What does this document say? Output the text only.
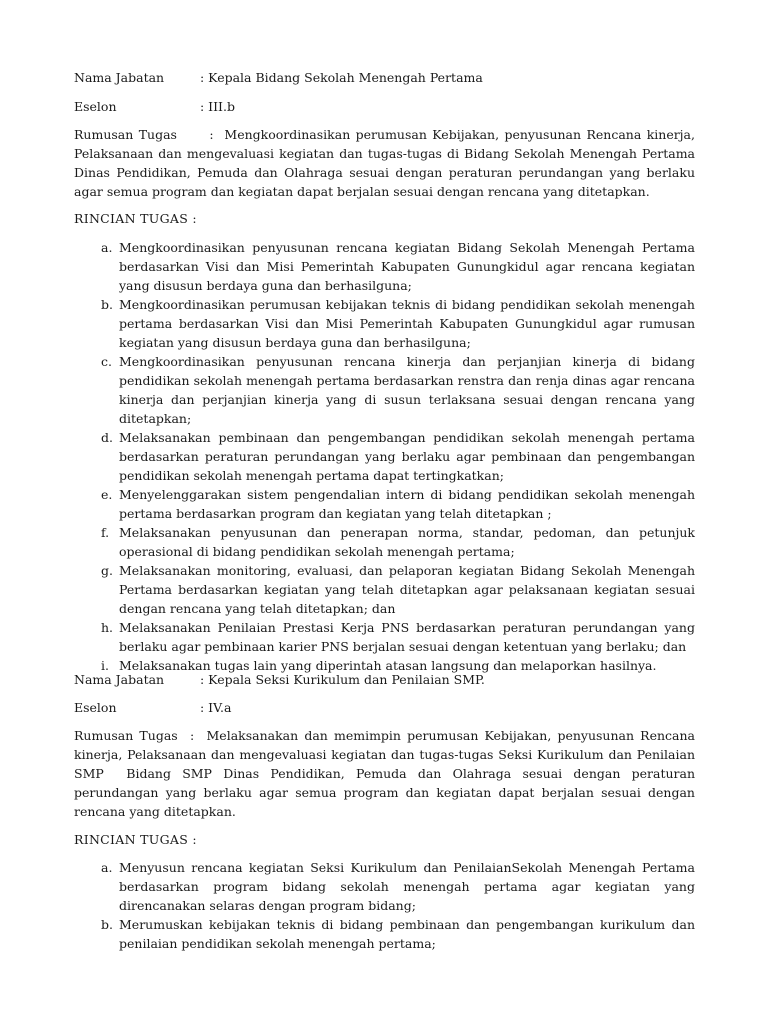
Nama Jabatan	: Kepala Bidang Sekolah Menengah Pertama
Eselon	: III.b

Rumusan Tugas      :  Mengkoordinasikan perumusan Kebijakan, penyusunan Rencana kinerja, Pelaksanaan dan mengevaluasi kegiatan dan tugas-tugas di Bidang Sekolah Menengah Pertama Dinas Pendidikan, Pemuda dan Olahraga sesuai dengan peraturan perundangan yang berlaku agar semua program dan kegiatan dapat berjalan sesuai dengan rencana yang ditetapkan.

RINCIAN TUGAS :
a. Mengkoordinasikan penyusunan rencana kegiatan Bidang Sekolah Menengah Pertama berdasarkan Visi dan Misi Pemerintah Kabupaten Gunungkidul agar rencana kegiatan yang disusun berdaya guna dan berhasilguna;
b. Mengkoordinasikan perumusan kebijakan teknis di bidang pendidikan sekolah menengah pertama berdasarkan Visi dan Misi Pemerintah Kabupaten Gunungkidul agar rumusan kegiatan yang disusun berdaya guna dan berhasilguna;
c. Mengkoordinasikan penyusunan rencana kinerja dan perjanjian kinerja di bidang pendidikan sekolah menengah pertama berdasarkan renstra dan renja dinas agar rencana kinerja dan perjanjian kinerja yang di susun terlaksana sesuai dengan rencana yang ditetapkan;
d. Melaksanakan pembinaan dan pengembangan pendidikan sekolah menengah pertama berdasarkan peraturan perundangan yang berlaku agar pembinaan dan pengembangan pendidikan sekolah menengah pertama dapat tertingkatkan;
e. Menyelenggarakan sistem pengendalian intern di bidang pendidikan sekolah menengah pertama berdasarkan program dan kegiatan yang telah ditetapkan ;
f. Melaksanakan penyusunan dan penerapan norma, standar, pedoman, dan petunjuk operasional di bidang pendidikan sekolah menengah pertama;
g. Melaksanakan monitoring, evaluasi, dan pelaporan kegiatan Bidang Sekolah Menengah Pertama berdasarkan kegiatan yang telah ditetapkan agar pelaksanaan kegiatan sesuai dengan rencana yang telah ditetapkan; dan
h. Melaksanakan Penilaian Prestasi Kerja PNS berdasarkan peraturan perundangan yang berlaku agar pembinaan karier PNS berjalan sesuai dengan ketentuan yang berlaku; dan
i. Melaksanakan tugas lain yang diperintah atasan langsung dan melaporkan hasilnya.
Nama Jabatan	: Kepala Seksi Kurikulum dan Penilaian SMP.
Eselon	: IV.a

Rumusan Tugas  :  Melaksanakan dan memimpin perumusan Kebijakan, penyusunan Rencana kinerja, Pelaksanaan dan mengevaluasi kegiatan dan tugas-tugas Seksi Kurikulum dan Penilaian SMP  Bidang SMP Dinas Pendidikan, Pemuda dan Olahraga sesuai dengan peraturan perundangan yang berlaku agar semua program dan kegiatan dapat berjalan sesuai dengan rencana yang ditetapkan.

RINCIAN TUGAS :
a. Menyusun rencana kegiatan Seksi Kurikulum dan PenilaianSekolah Menengah Pertama berdasarkan program bidang sekolah menengah pertama agar kegiatan yang direncanakan selaras dengan program bidang;
b. Merumuskan kebijakan teknis di bidang pembinaan dan pengembangan kurikulum dan penilaian pendidikan sekolah menengah pertama;
